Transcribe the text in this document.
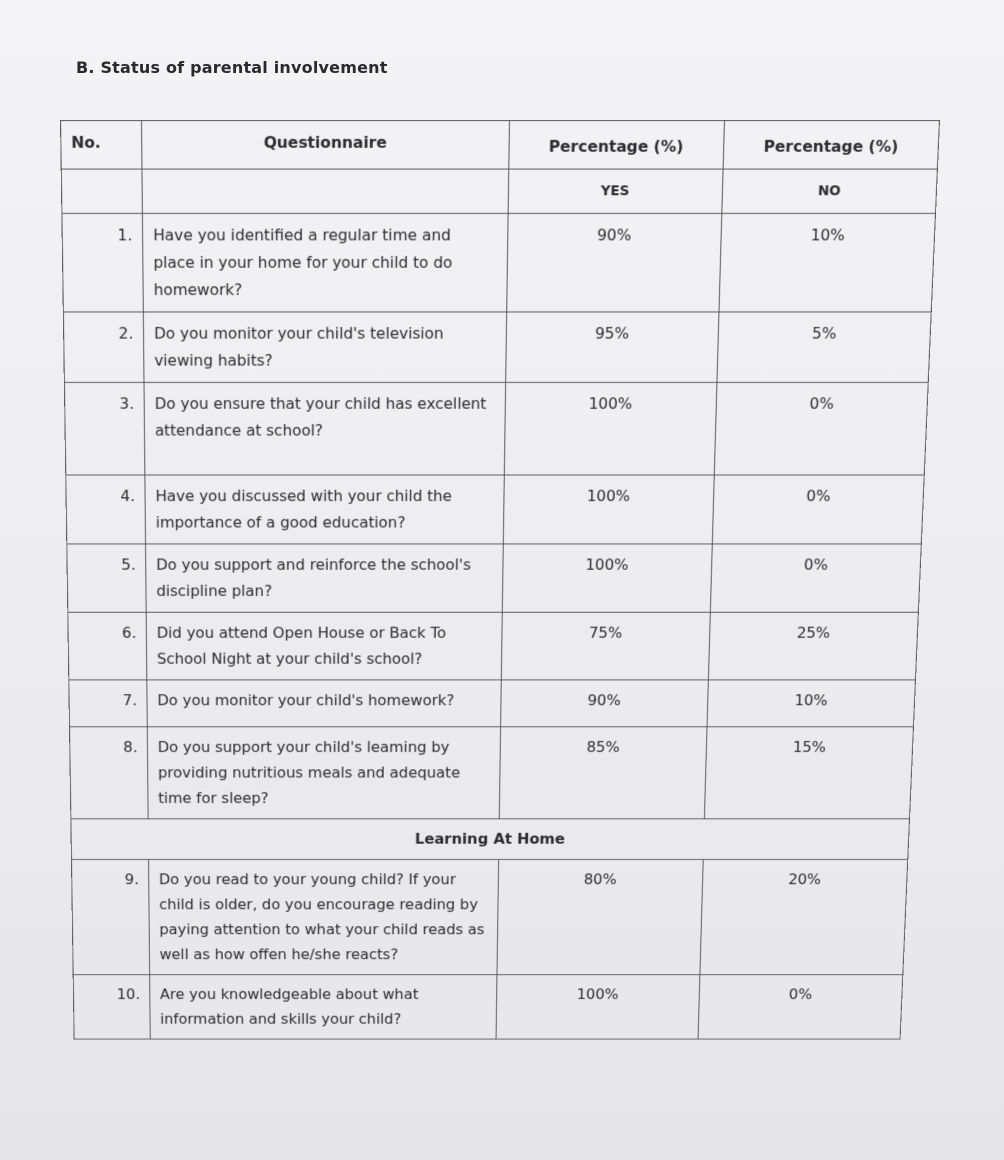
B. Status of parental involvement
No.	Questionnaire	Percentage (%)	Percentage (%)
		YES	NO
1.	Have you identified a regular time and place in your home for your child to do homework?	90%	10%
2.	Do you monitor your child's television viewing habits?	95%	5%
3.	Do you ensure that your child has excellent attendance at school?	100%	0%
4.	Have you discussed with your child the importance of a good education?	100%	0%
5.	Do you support and reinforce the school's discipline plan?	100%	0%
6.	Did you attend Open House or Back To School Night at your child's school?	75%	25%
7.	Do you monitor your child's homework?	90%	10%
8.	Do you support your child's leaming by providing nutritious meals and adequate time for sleep?	85%	15%
Learning At Home			
9.	Do you read to your young child? If your child is older, do you encourage reading by paying attention to what your child reads as well as how offen he/she reacts?	80%	20%
10.	Are you knowledgeable about what information and skills your child?	100%	0%
